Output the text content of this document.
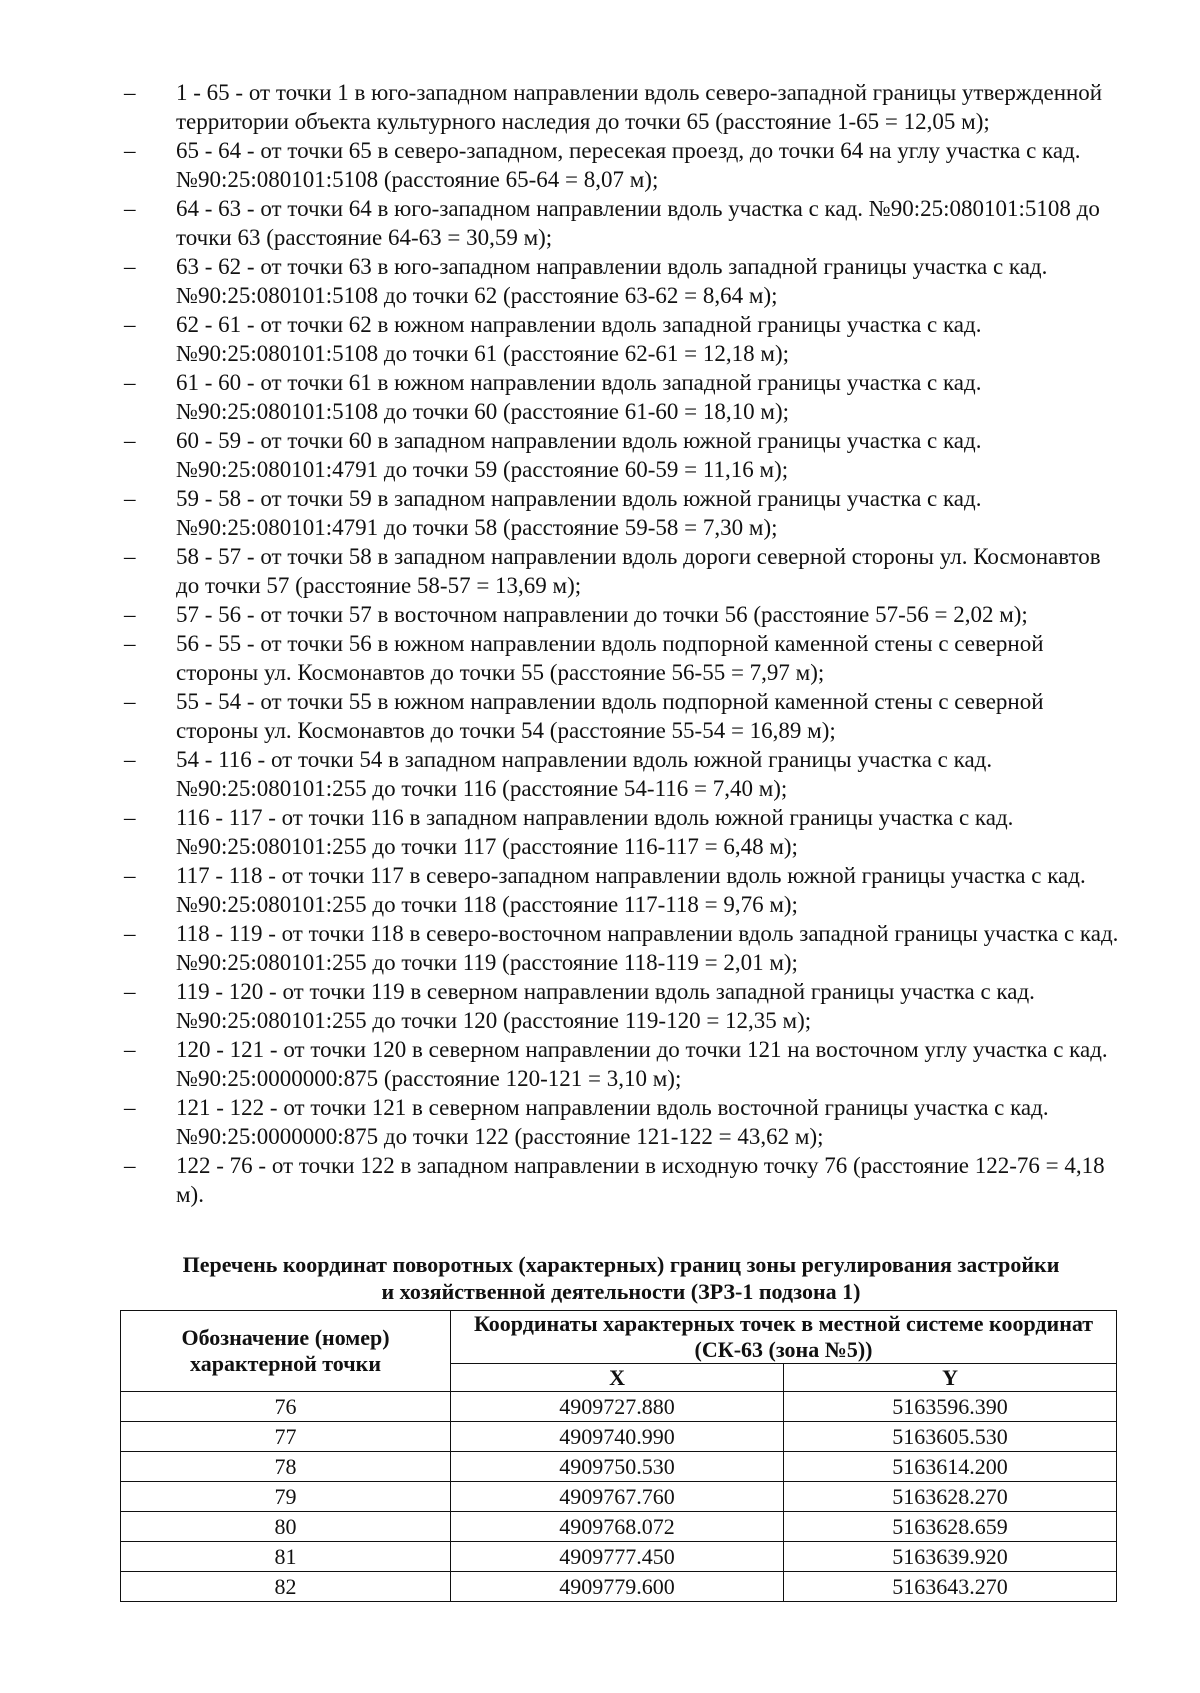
–	1 - 65 - от точки 1 в юго-западном направлении вдоль северо-западной границы утвержденной территории объекта культурного наследия до точки 65 (расстояние 1-65 = 12,05 м);
–	65 - 64 - от точки 65 в северо-западном, пересекая проезд, до точки 64 на углу участка с кад. №90:25:080101:5108 (расстояние 65-64 = 8,07 м);
–	64 - 63 - от точки 64 в юго-западном направлении вдоль участка с кад. №90:25:080101:5108 до точки 63 (расстояние 64-63 = 30,59 м);
–	63 - 62 - от точки 63 в юго-западном направлении вдоль западной границы участка с кад. №90:25:080101:5108 до точки 62 (расстояние 63-62 = 8,64 м);
–	62 - 61 - от точки 62 в южном направлении вдоль западной границы участка с кад. №90:25:080101:5108 до точки 61 (расстояние 62-61 = 12,18 м);
–	61 - 60 - от точки 61 в южном направлении вдоль западной границы участка с кад. №90:25:080101:5108 до точки 60 (расстояние 61-60 = 18,10 м);
–	60 - 59 - от точки 60 в западном направлении вдоль южной границы участка с кад. №90:25:080101:4791 до точки 59 (расстояние 60-59 = 11,16 м);
–	59 - 58 - от точки 59 в западном направлении вдоль южной границы участка с кад. №90:25:080101:4791 до точки 58 (расстояние 59-58 = 7,30 м);
–	58 - 57 - от точки 58 в западном направлении вдоль дороги северной стороны ул. Космонавтов до точки 57 (расстояние 58-57 = 13,69 м);
–	57 - 56 - от точки 57 в восточном направлении до точки 56 (расстояние 57-56 = 2,02 м);
–	56 - 55 - от точки 56 в южном направлении вдоль подпорной каменной стены с северной стороны ул. Космонавтов до точки 55 (расстояние 56-55 = 7,97 м);
–	55 - 54 - от точки 55 в южном направлении вдоль подпорной каменной стены с северной стороны ул. Космонавтов до точки 54 (расстояние 55-54 = 16,89 м);
–	54 - 116 - от точки 54 в западном направлении вдоль южной границы участка с кад. №90:25:080101:255 до точки 116 (расстояние 54-116 = 7,40 м);
–	116 - 117 - от точки 116 в западном направлении вдоль южной границы участка с кад. №90:25:080101:255 до точки 117 (расстояние 116-117 = 6,48 м);
–	117 - 118 - от точки 117 в северо-западном направлении вдоль южной границы участка с кад. №90:25:080101:255 до точки 118 (расстояние 117-118 = 9,76 м);
–	118 - 119 - от точки 118 в северо-восточном направлении вдоль западной границы участка с кад. №90:25:080101:255 до точки 119 (расстояние 118-119 = 2,01 м);
–	119 - 120 - от точки 119 в северном направлении вдоль западной границы участка с кад. №90:25:080101:255 до точки 120 (расстояние 119-120 = 12,35 м);
–	120 - 121 - от точки 120 в северном направлении до точки 121 на восточном углу участка с кад. №90:25:0000000:875 (расстояние 120-121 = 3,10 м);
–	121 - 122 - от точки 121 в северном направлении вдоль восточной границы участка с кад. №90:25:0000000:875 до точки 122 (расстояние 121-122 = 43,62 м);
–	122 - 76 - от точки 122 в западном направлении в исходную точку 76 (расстояние 122-76 = 4,18 м).
Перечень координат поворотных (характерных) границ зоны регулирования застройки
и хозяйственной деятельности (ЗРЗ-1 подзона 1)
Обозначение (номер) характерной точки	Координаты характерных точек в местной системе координат (СК-63 (зона №5))	
	X	Y
76	4909727.880	5163596.390
77	4909740.990	5163605.530
78	4909750.530	5163614.200
79	4909767.760	5163628.270
80	4909768.072	5163628.659
81	4909777.450	5163639.920
82	4909779.600	5163643.270
